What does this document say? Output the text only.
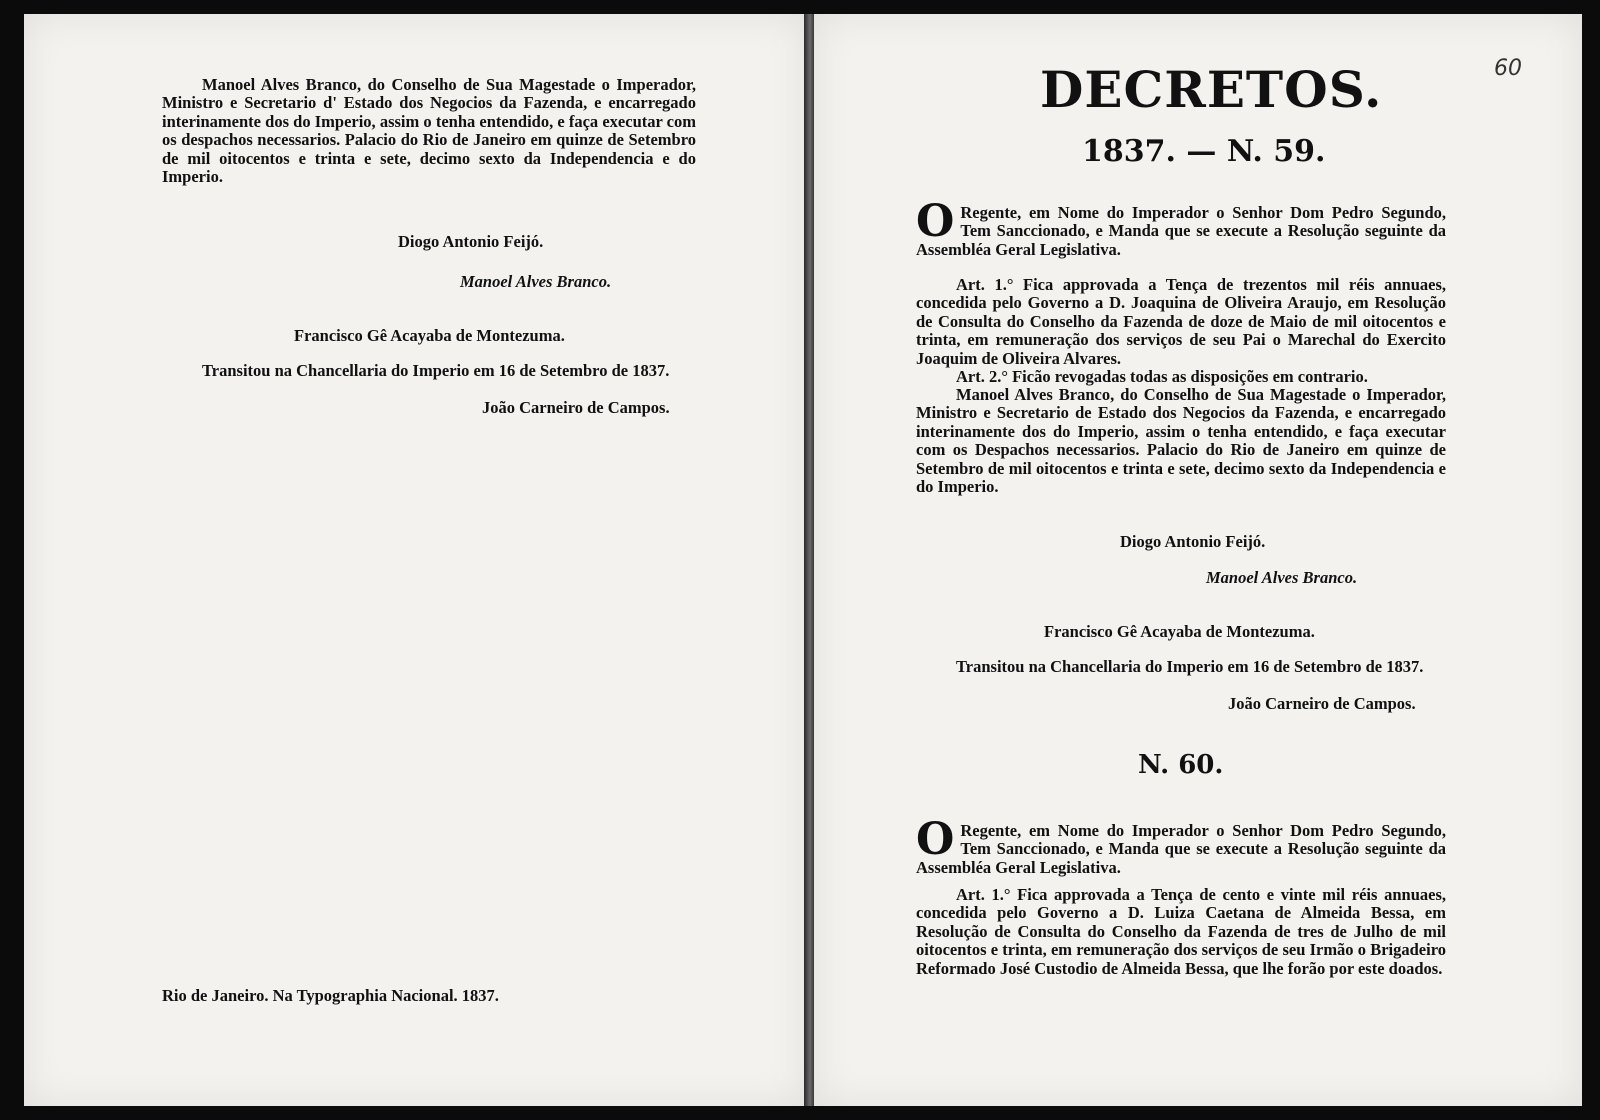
Manoel Alves Branco, do Conselho de Sua Magestade o Imperador, Ministro e Secretario d' Estado dos Negocios da Fazenda, e encarregado interinamente dos do Imperio, assim o tenha entendido, e faça executar com os despachos necessarios. Palacio do Rio de Janeiro em quinze de Setembro de mil oitocentos e trinta e sete, decimo sexto da Independencia e do Imperio.

Diogo Antonio Feijó.

Manoel Alves Branco.

Francisco Gê Acayaba de Montezuma.

Transitou na Chancellaria do Imperio em 16 de Setembro de 1837.

João Carneiro de Campos.

Rio de Janeiro. Na Typographia Nacional. 1837.

60

DECRETOS.

1837. — N. 59.

O Regente, em Nome do Imperador o Senhor Dom Pedro Segundo, Tem Sanccionado, e Manda que se execute a Resolução seguinte da Assembléa Geral Legislativa.

Art. 1.° Fica approvada a Tença de trezentos mil réis annuaes, concedida pelo Governo a D. Joaquina de Oliveira Araujo, em Resolução de Consulta do Conselho da Fazenda de doze de Maio de mil oitocentos e trinta, em remuneração dos serviços de seu Pai o Marechal do Exercito Joaquim de Oliveira Alvares.

Art. 2.° Ficão revogadas todas as disposições em contrario.

Manoel Alves Branco, do Conselho de Sua Magestade o Imperador, Ministro e Secretario de Estado dos Negocios da Fazenda, e encarregado interinamente dos do Imperio, assim o tenha entendido, e faça executar com os Despachos necessarios. Palacio do Rio de Janeiro em quinze de Setembro de mil oitocentos e trinta e sete, decimo sexto da Independencia e do Imperio.

Diogo Antonio Feijó.

Manoel Alves Branco.

Francisco Gê Acayaba de Montezuma.

Transitou na Chancellaria do Imperio em 16 de Setembro de 1837.

João Carneiro de Campos.

N. 60.

O Regente, em Nome do Imperador o Senhor Dom Pedro Segundo, Tem Sanccionado, e Manda que se execute a Resolução seguinte da Assembléa Geral Legislativa.

Art. 1.° Fica approvada a Tença de cento e vinte mil réis annuaes, concedida pelo Governo a D. Luiza Caetana de Almeida Bessa, em Resolução de Consulta do Conselho da Fazenda de tres de Julho de mil oitocentos e trinta, em remuneração dos serviços de seu Irmão o Brigadeiro Reformado José Custodio de Almeida Bessa, que lhe forão por este doados.
